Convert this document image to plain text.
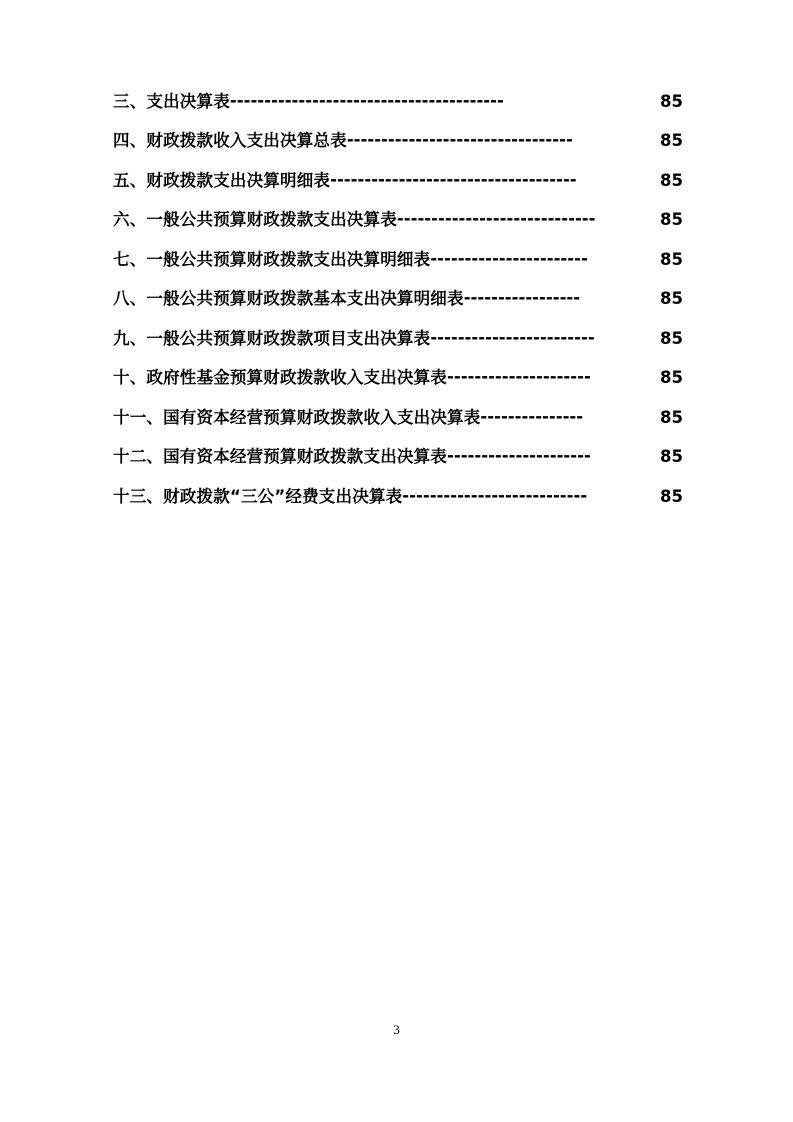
三、支出决算表 ----------------------------------------	85
四、财政拨款收入支出决算总表 ---------------------------------	85
五、财政拨款支出决算明细表 ------------------------------------	85
六、一般公共预算财政拨款支出决算表 -----------------------------	85
七、一般公共预算财政拨款支出决算明细表 -----------------------	85
八、一般公共预算财政拨款基本支出决算明细表 -----------------	85
九、一般公共预算财政拨款项目支出决算表 ------------------------	85
十、政府性基金预算财政拨款收入支出决算表 ---------------------	85
十一、国有资本经营预算财政拨款收入支出决算表 ---------------	85
十二、国有资本经营预算财政拨款支出决算表 ---------------------	85
十三、财政拨款“三公”经费支出决算表 ---------------------------	85
3
